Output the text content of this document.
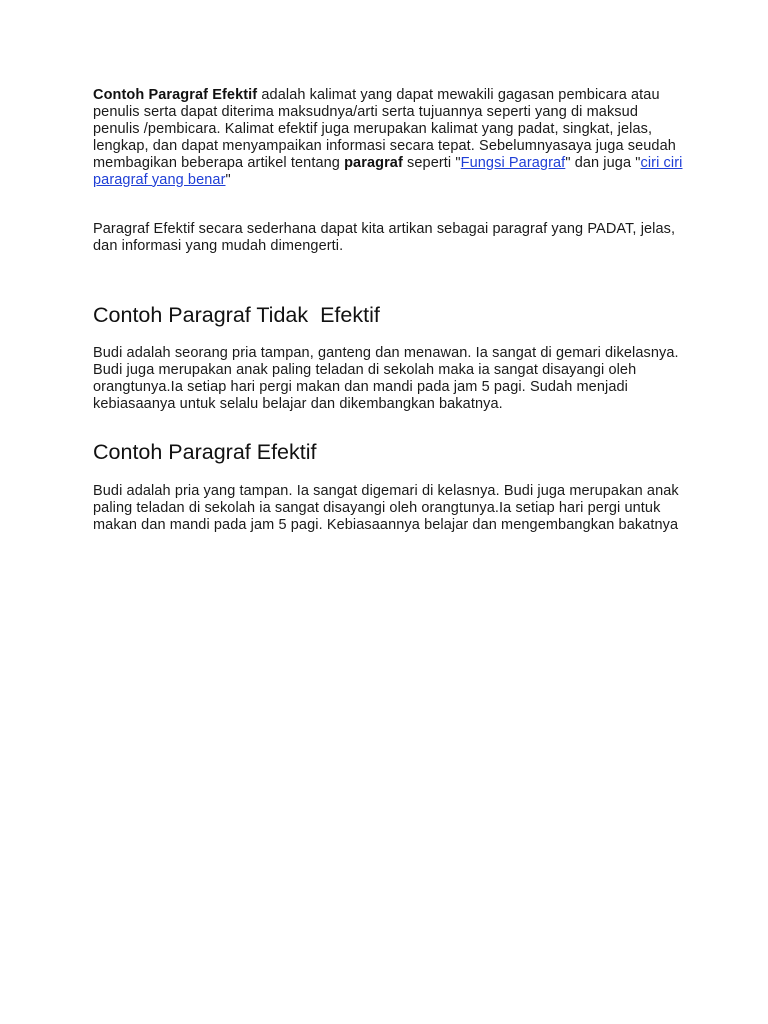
Contoh Paragraf Efektif adalah kalimat yang dapat mewakili gagasan pembicara atau penulis serta dapat diterima maksudnya/arti serta tujuannya seperti yang di maksud penulis /pembicara. Kalimat efektif juga merupakan kalimat yang padat, singkat, jelas, lengkap, dan dapat menyampaikan informasi secara tepat. Sebelumnyasaya juga seudah membagikan beberapa artikel tentang paragraf seperti "Fungsi Paragraf" dan juga "ciri ciri paragraf yang benar"

Paragraf Efektif secara sederhana dapat kita artikan sebagai paragraf yang PADAT, jelas, dan informasi yang mudah dimengerti.

Contoh Paragraf Tidak  Efektif

Budi adalah seorang pria tampan, ganteng dan menawan. Ia sangat di gemari dikelasnya. Budi juga merupakan anak paling teladan di sekolah maka ia sangat disayangi oleh orangtunya.Ia setiap hari pergi makan dan mandi pada jam 5 pagi. Sudah menjadi kebiasaanya untuk selalu belajar dan dikembangkan bakatnya.

Contoh Paragraf Efektif

Budi adalah pria yang tampan. Ia sangat digemari di kelasnya. Budi juga merupakan anak paling teladan di sekolah ia sangat disayangi oleh orangtunya.Ia setiap hari pergi untuk makan dan mandi pada jam 5 pagi. Kebiasaannya belajar dan mengembangkan bakatnya
